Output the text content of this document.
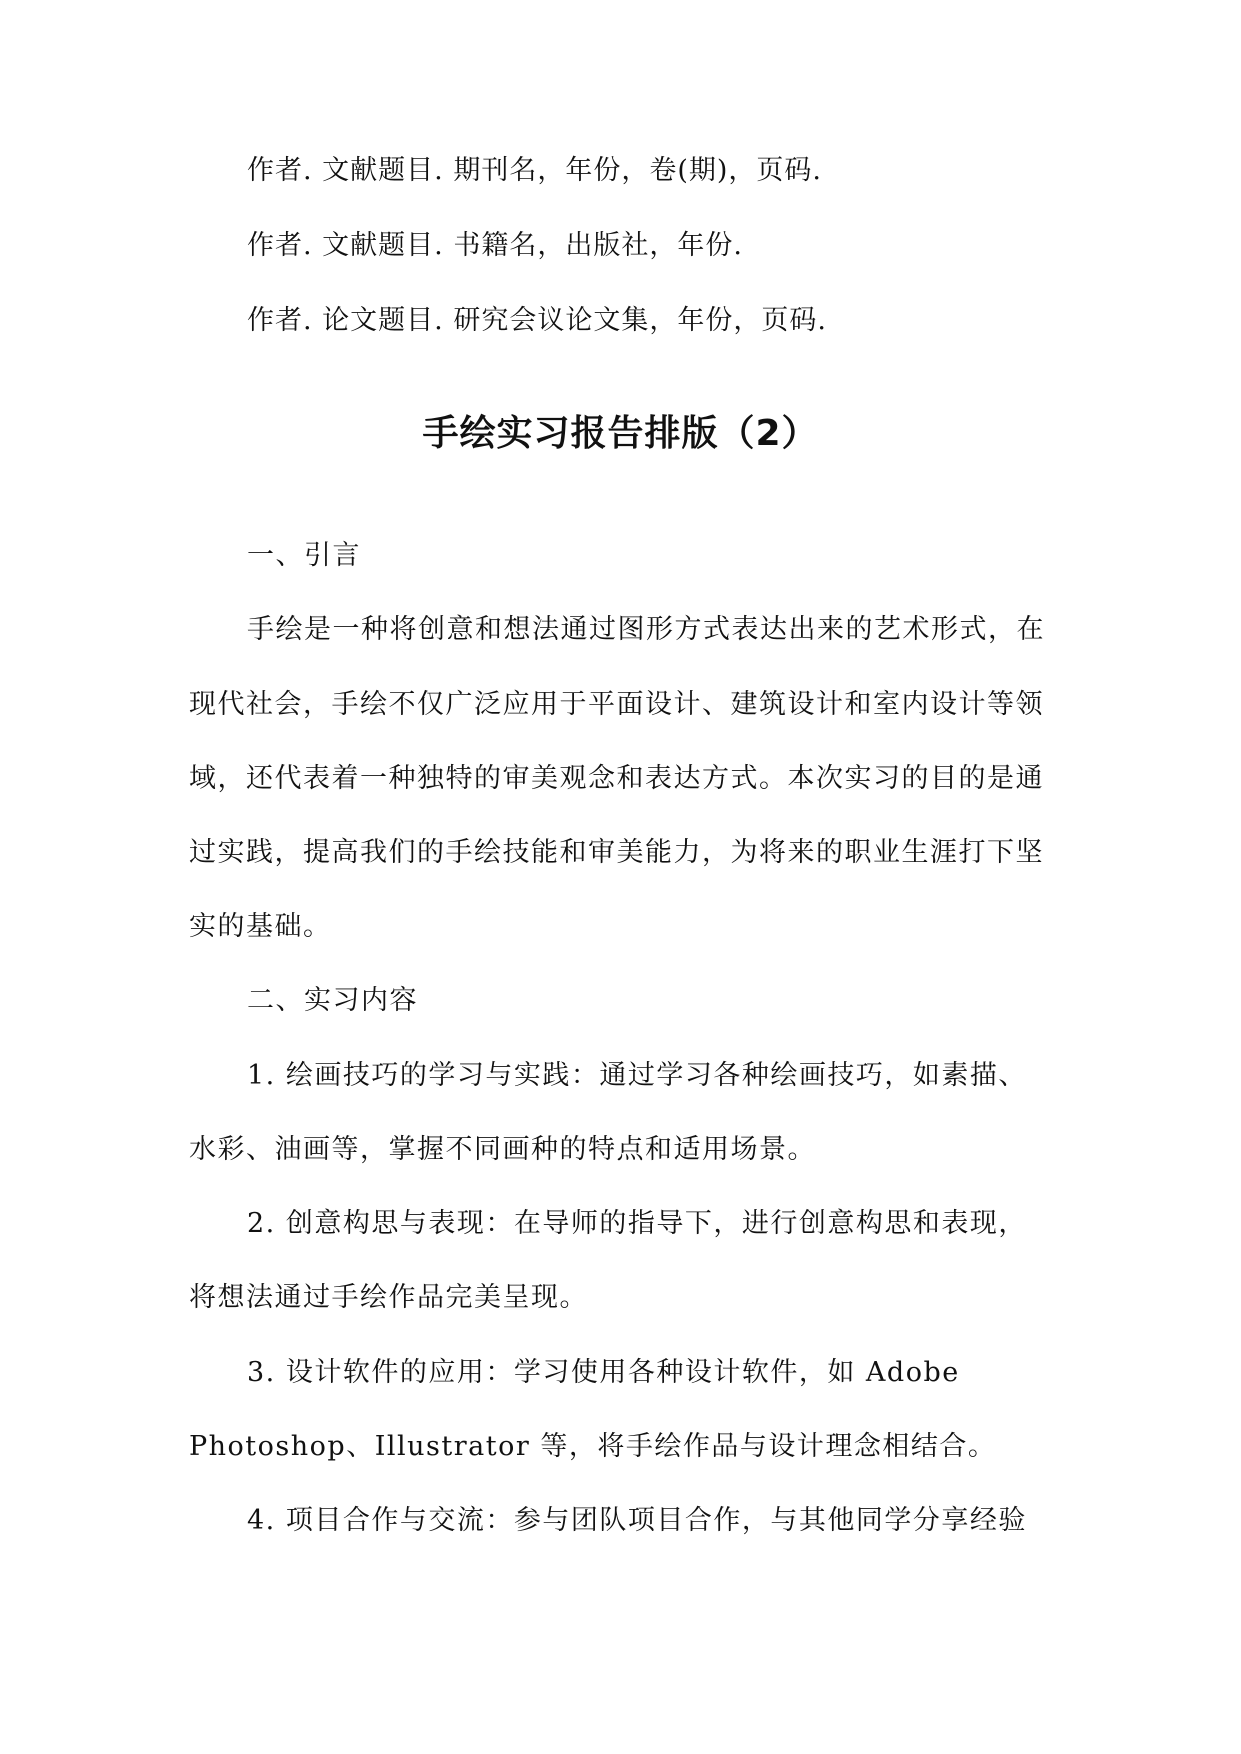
作者. 文献题目. 期刊名，年份，卷(期)，页码.
作者. 文献题目. 书籍名，出版社，年份.
作者. 论文题目. 研究会议论文集，年份，页码.
手绘实习报告排版（2）
一、引言
手绘是一种将创意和想法通过图形方式表达出来的艺术形式，在
现代社会，手绘不仅广泛应用于平面设计、建筑设计和室内设计等领
域，还代表着一种独特的审美观念和表达方式。本次实习的目的是通
过实践，提高我们的手绘技能和审美能力，为将来的职业生涯打下坚
实的基础。
二、实习内容
1. 绘画技巧的学习与实践：通过学习各种绘画技巧，如素描、
水彩、油画等，掌握不同画种的特点和适用场景。
2. 创意构思与表现：在导师的指导下，进行创意构思和表现，
将想法通过手绘作品完美呈现。
3. 设计软件的应用：学习使用各种设计软件，如 Adobe
Photoshop、Illustrator 等，将手绘作品与设计理念相结合。
4. 项目合作与交流：参与团队项目合作，与其他同学分享经验
